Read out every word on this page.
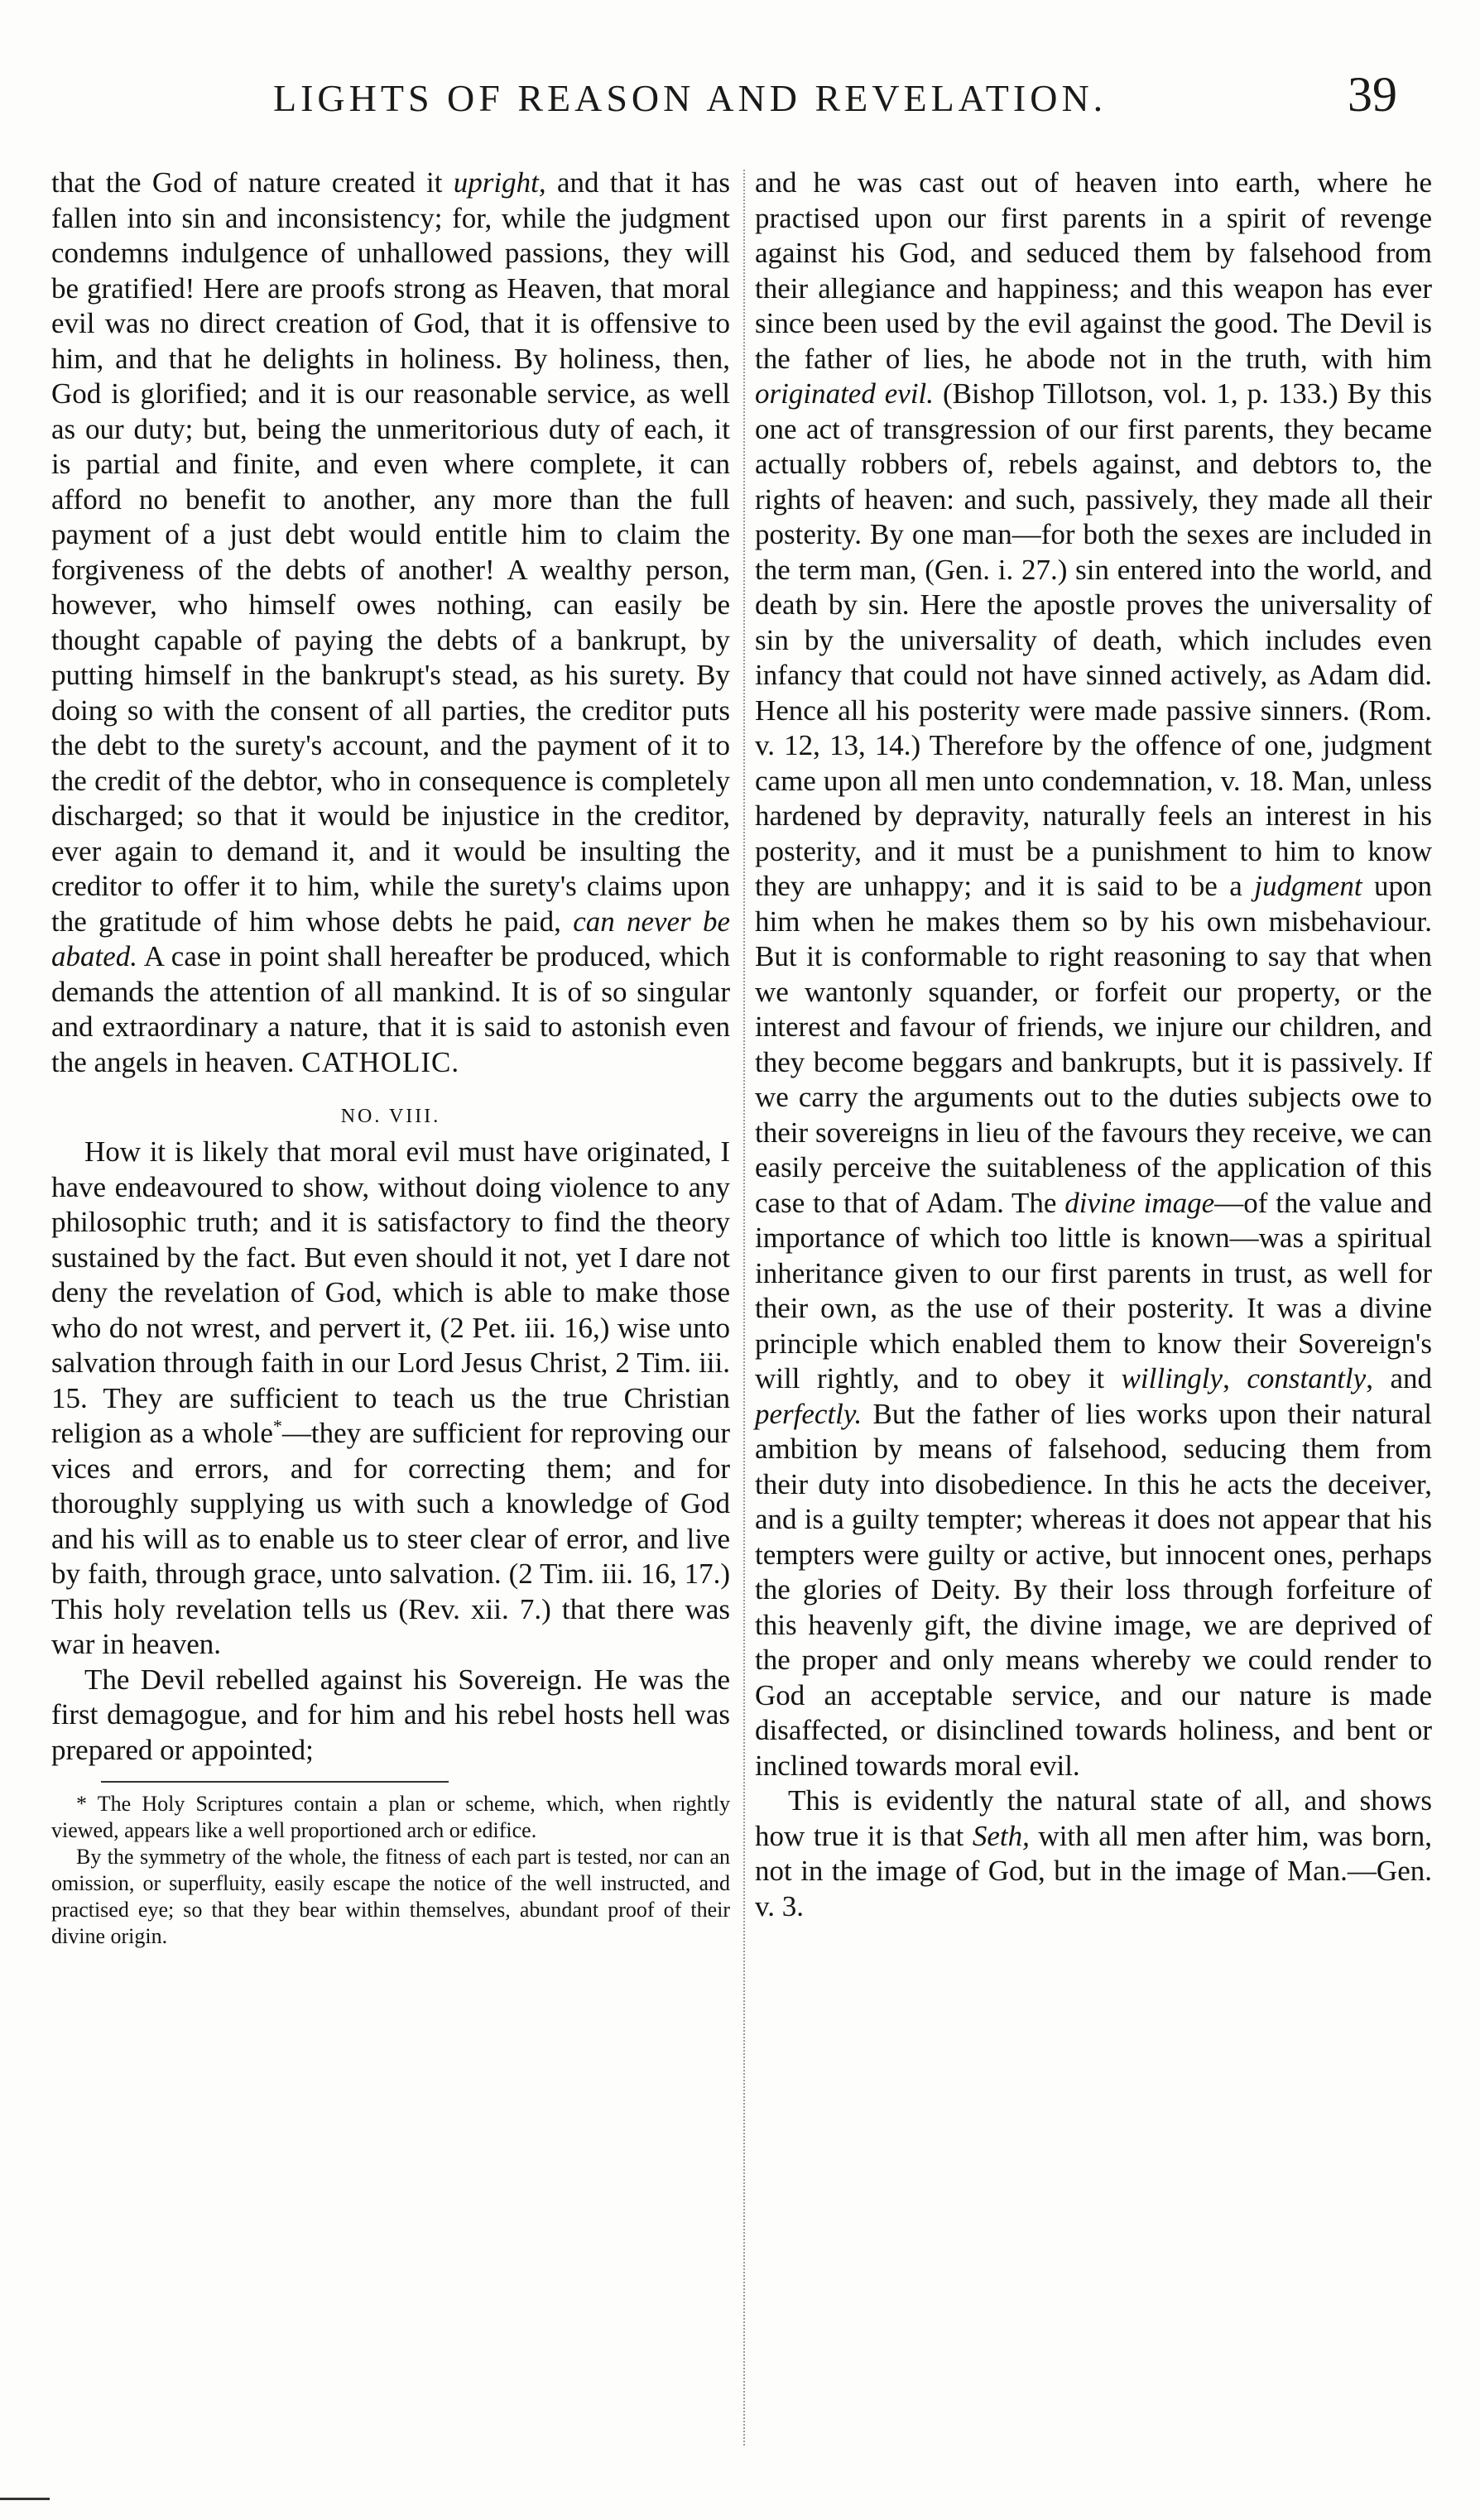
LIGHTS OF REASON AND REVELATION.	39

that the God of nature created it upright, and that it has fallen into sin and inconsistency; for, while the judgment condemns indulgence of unhallowed passions, they will be gratified! Here are proofs strong as Heaven, that moral evil was no direct creation of God, that it is offensive to him, and that he delights in holiness. By holiness, then, God is glorified; and it is our reasonable service, as well as our duty; but, being the unmeritorious duty of each, it is partial and finite, and even where complete, it can afford no benefit to another, any more than the full payment of a just debt would entitle him to claim the forgiveness of the debts of another! A wealthy person, however, who himself owes nothing, can easily be thought capable of paying the debts of a bankrupt, by putting himself in the bankrupt's stead, as his surety. By doing so with the consent of all parties, the creditor puts the debt to the surety's account, and the payment of it to the credit of the debtor, who in consequence is completely discharged; so that it would be injustice in the creditor, ever again to demand it, and it would be insulting the creditor to offer it to him, while the surety's claims upon the gratitude of him whose debts he paid, can never be abated. A case in point shall hereafter be produced, which demands the attention of all mankind. It is of so singular and extraordinary a nature, that it is said to astonish even the angels in heaven. CATHOLIC.

NO. VIII.

How it is likely that moral evil must have originated, I have endeavoured to show, without doing violence to any philosophic truth; and it is satisfactory to find the theory sustained by the fact. But even should it not, yet I dare not deny the revelation of God, which is able to make those who do not wrest, and pervert it, (2 Pet. iii. 16,) wise unto salvation through faith in our Lord Jesus Christ, 2 Tim. iii. 15. They are sufficient to teach us the true Christian religion as a whole*—they are sufficient for reproving our vices and errors, and for correcting them; and for thoroughly supplying us with such a knowledge of God and his will as to enable us to steer clear of error, and live by faith, through grace, unto salvation. (2 Tim. iii. 16, 17.) This holy revelation tells us (Rev. xii. 7.) that there was war in heaven.

The Devil rebelled against his Sovereign. He was the first demagogue, and for him and his rebel hosts hell was prepared or appointed;

* The Holy Scriptures contain a plan or scheme, which, when rightly viewed, appears like a well proportioned arch or edifice.

By the symmetry of the whole, the fitness of each part is tested, nor can an omission, or superfluity, easily escape the notice of the well instructed, and practised eye; so that they bear within themselves, abundant proof of their divine origin.

and he was cast out of heaven into earth, where he practised upon our first parents in a spirit of revenge against his God, and seduced them by falsehood from their allegiance and happiness; and this weapon has ever since been used by the evil against the good. The Devil is the father of lies, he abode not in the truth, with him originated evil. (Bishop Tillotson, vol. 1, p. 133.) By this one act of transgression of our first parents, they became actually robbers of, rebels against, and debtors to, the rights of heaven: and such, passively, they made all their posterity. By one man—for both the sexes are included in the term man, (Gen. i. 27.) sin entered into the world, and death by sin. Here the apostle proves the universality of sin by the universality of death, which includes even infancy that could not have sinned actively, as Adam did. Hence all his posterity were made passive sinners. (Rom. v. 12, 13, 14.) Therefore by the offence of one, judgment came upon all men unto condemnation, v. 18. Man, unless hardened by depravity, naturally feels an interest in his posterity, and it must be a punishment to him to know they are unhappy; and it is said to be a judgment upon him when he makes them so by his own misbehaviour. But it is conformable to right reasoning to say that when we wantonly squander, or forfeit our property, or the interest and favour of friends, we injure our children, and they become beggars and bankrupts, but it is passively. If we carry the arguments out to the duties subjects owe to their sovereigns in lieu of the favours they receive, we can easily perceive the suitableness of the application of this case to that of Adam. The divine image—of the value and importance of which too little is known—was a spiritual inheritance given to our first parents in trust, as well for their own, as the use of their posterity. It was a divine principle which enabled them to know their Sovereign's will rightly, and to obey it willingly, constantly, and perfectly. But the father of lies works upon their natural ambition by means of falsehood, seducing them from their duty into disobedience. In this he acts the deceiver, and is a guilty tempter; whereas it does not appear that his tempters were guilty or active, but innocent ones, perhaps the glories of Deity. By their loss through forfeiture of this heavenly gift, the divine image, we are deprived of the proper and only means whereby we could render to God an acceptable service, and our nature is made disaffected, or disinclined towards holiness, and bent or inclined towards moral evil.

This is evidently the natural state of all, and shows how true it is that Seth, with all men after him, was born, not in the image of God, but in the image of Man.—Gen. v. 3.
